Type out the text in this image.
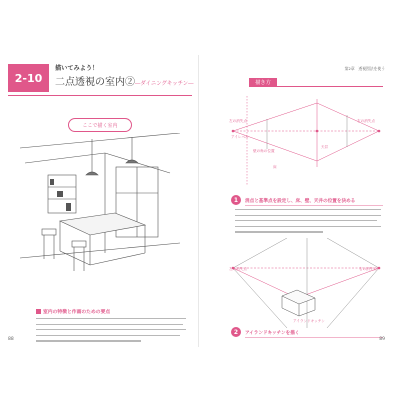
2-10
描いてみよう！
二点透視の室内②―ダイニングキッチン―
ここで描く室内
室内の特徴と作画のための要点
88
第2章　透視図法を使う
描き方
左の消失点	右の消失点
アイレベル
壁の角の位置
天井
床
1	消点と基準点を設定し、床、壁、天井の位置を決める
左の消失点	右の消失点
アイランドキッチン
2	アイランドキッチンを描く
89
